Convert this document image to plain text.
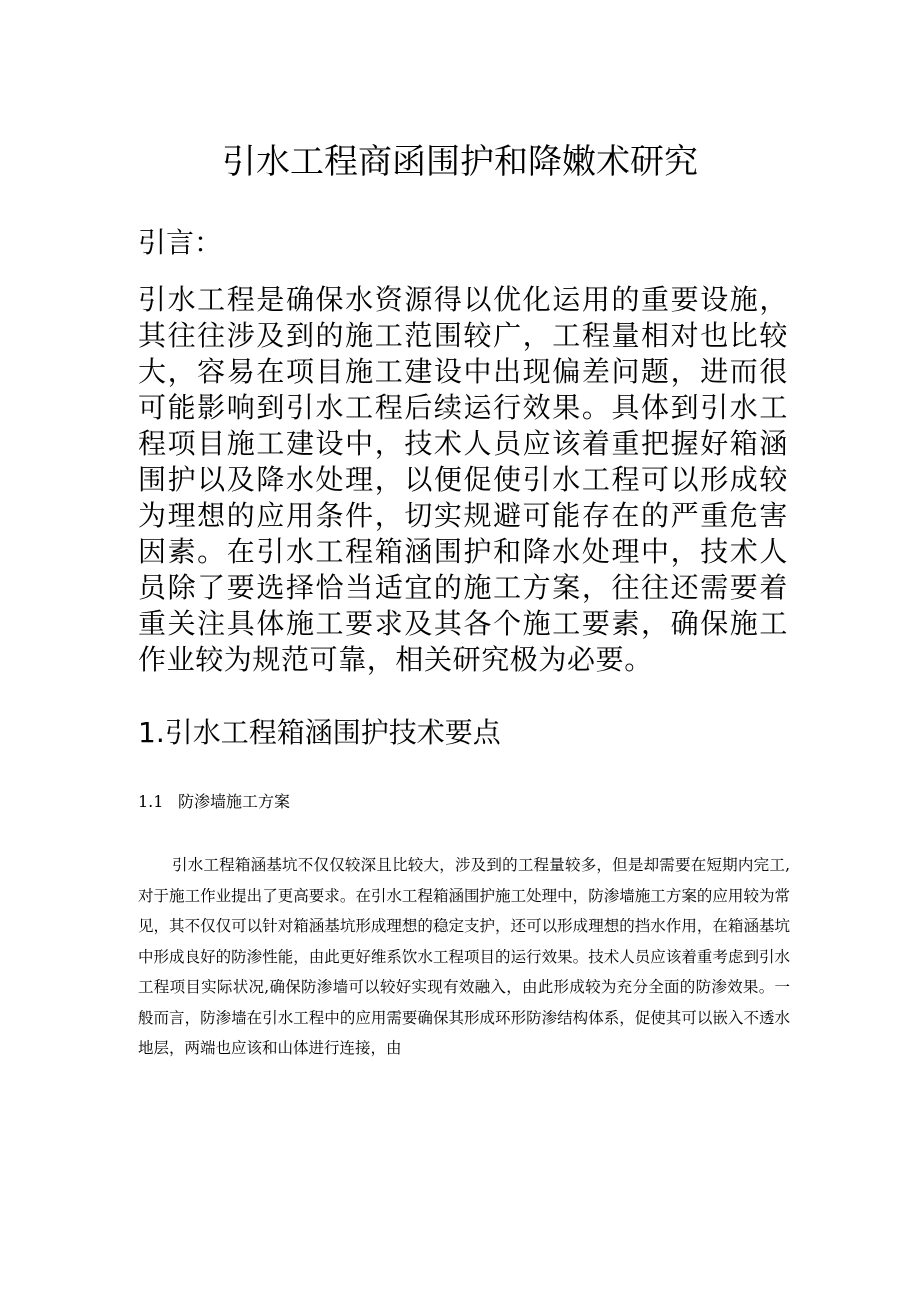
引水工程商函围护和降嫩术研究
引言：

引水工程是确保水资源得以优化运用的重要设施，其往往涉及到的施工范围较广，工程量相对也比较大，容易在项目施工建设中出现偏差问题，进而很可能影响到引水工程后续运行效果。具体到引水工程项目施工建设中，技术人员应该着重把握好箱涵围护以及降水处理，以便促使引水工程可以形成较为理想的应用条件，切实规避可能存在的严重危害因素。在引水工程箱涵围护和降水处理中，技术人员除了要选择恰当适宜的施工方案，往往还需要着重关注具体施工要求及其各个施工要素，确保施工作业较为规范可靠，相关研究极为必要。

1.引水工程箱涵围护技术要点
1.1 防渗墙施工方案

引水工程箱涵基坑不仅仅较深且比较大，涉及到的工程量较多，但是却需要在短期内完工,对于施工作业提出了更高要求。在引水工程箱涵围护施工处理中，防渗墙施工方案的应用较为常见，其不仅仅可以针对箱涵基坑形成理想的稳定支护，还可以形成理想的挡水作用，在箱涵基坑中形成良好的防渗性能，由此更好维系饮水工程项目的运行效果。技术人员应该着重考虑到引水工程项目实际状况,确保防渗墙可以较好实现有效融入，由此形成较为充分全面的防渗效果。一般而言，防渗墙在引水工程中的应用需要确保其形成环形防渗结构体系，促使其可以嵌入不透水地层，两端也应该和山体进行连接，由
